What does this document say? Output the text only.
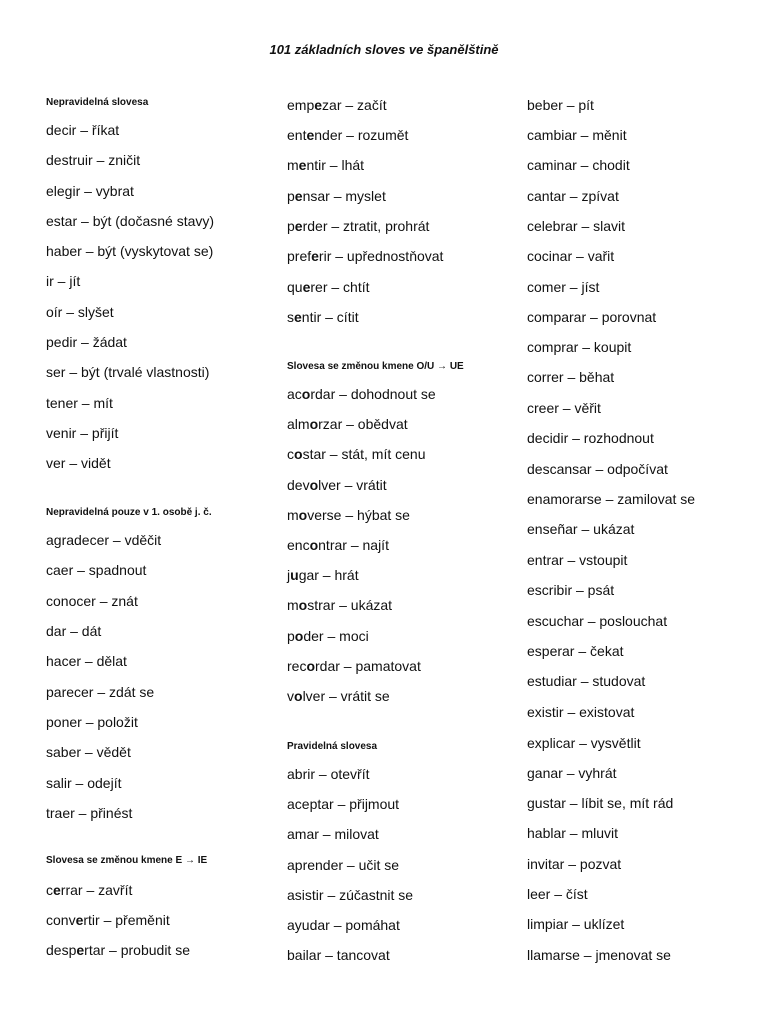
101 základních sloves ve španělštině
Nepravidelná slovesa
decir – říkat
destruir – zničit
elegir – vybrat
estar – být (dočasné stavy)
haber – být (vyskytovat se)
ir – jít
oír – slyšet
pedir – žádat
ser – být (trvalé vlastnosti)
tener – mít
venir – přijít
ver – vidět
Nepravidelná pouze v 1. osobě j. č.
agradecer – vděčit
caer – spadnout
conocer – znát
dar – dát
hacer – dělat
parecer – zdát se
poner – položit
saber – vědět
salir – odejít
traer – přinést
Slovesa se změnou kmene E → IE
cerrar – zavřít
convertir – přeměnit
despertar – probudit se
empezar – začít
entender – rozumět
mentir – lhát
pensar – myslet
perder – ztratit, prohrát
preferir – upřednostňovat
querer – chtít
sentir – cítit
Slovesa se změnou kmene O/U → UE
acordar – dohodnout se
almorzar – obědvat
costar – stát, mít cenu
devolver – vrátit
moverse – hýbat se
encontrar – najít
jugar – hrát
mostrar – ukázat
poder – moci
recordar – pamatovat
volver – vrátit se
Pravidelná slovesa
abrir – otevřít
aceptar – přijmout
amar – milovat
aprender – učit se
asistir – zúčastnit se
ayudar – pomáhat
bailar – tancovat
beber – pít
cambiar – měnit
caminar – chodit
cantar – zpívat
celebrar – slavit
cocinar – vařit
comer – jíst
comparar – porovnat
comprar – koupit
correr – běhat
creer – věřit
decidir – rozhodnout
descansar – odpočívat
enamorarse – zamilovat se
enseñar – ukázat
entrar – vstoupit
escribir – psát
escuchar – poslouchat
esperar – čekat
estudiar – studovat
existir – existovat
explicar – vysvětlit
ganar – vyhrát
gustar – líbit se, mít rád
hablar – mluvit
invitar – pozvat
leer – číst
limpiar – uklízet
llamarse – jmenovat se
